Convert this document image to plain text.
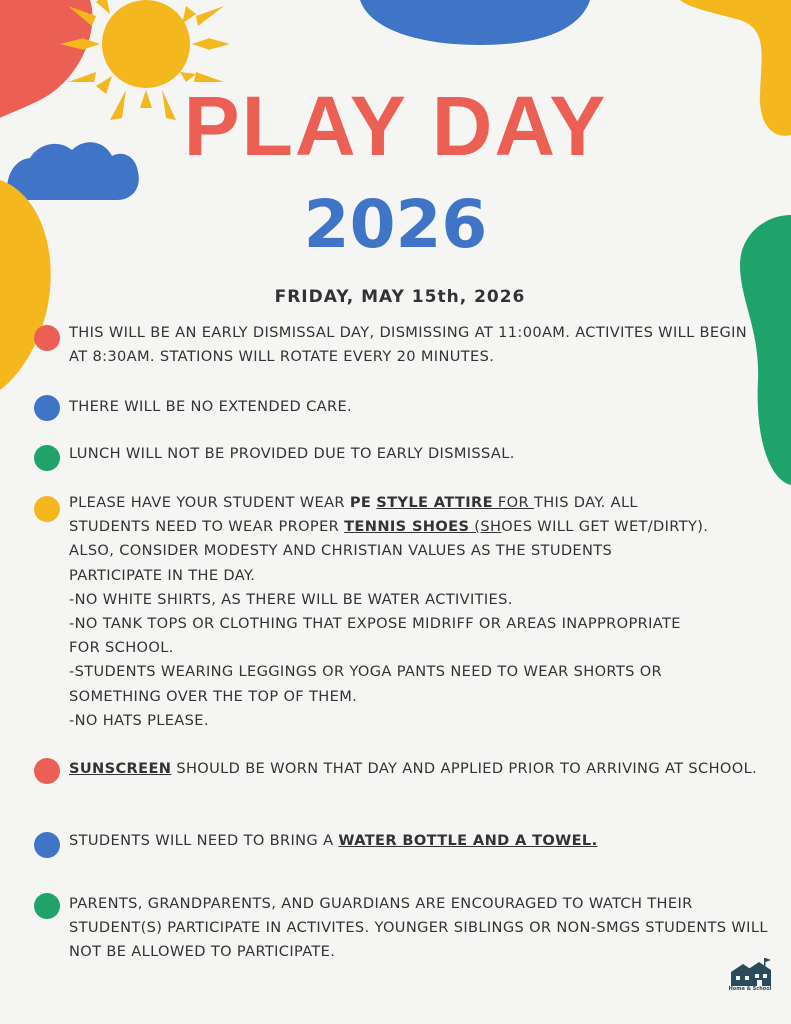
PLAY DAY
2026
FRIDAY, MAY 15th, 2026
THIS WILL BE AN EARLY DISMISSAL DAY, DISMISSING AT 11:00AM. ACTIVITES WILL BEGIN AT 8:30AM. STATIONS WILL ROTATE EVERY 20 MINUTES.
THERE WILL BE NO EXTENDED CARE.
LUNCH WILL NOT BE PROVIDED DUE TO EARLY DISMISSAL.
PLEASE HAVE YOUR STUDENT WEAR PE STYLE ATTIRE FOR THIS DAY. ALL STUDENTS NEED TO WEAR PROPER TENNIS SHOES (SHOES WILL GET WET/DIRTY). ALSO, CONSIDER MODESTY AND CHRISTIAN VALUES AS THE STUDENTS PARTICIPATE IN THE DAY.
-NO WHITE SHIRTS, AS THERE WILL BE WATER ACTIVITIES.
-NO TANK TOPS OR CLOTHING THAT EXPOSE MIDRIFF OR AREAS INAPPROPRIATE FOR SCHOOL.
-STUDENTS WEARING LEGGINGS OR YOGA PANTS NEED TO WEAR SHORTS OR SOMETHING OVER THE TOP OF THEM.
-NO HATS PLEASE.
SUNSCREEN SHOULD BE WORN THAT DAY AND APPLIED PRIOR TO ARRIVING AT SCHOOL.
STUDENTS WILL NEED TO BRING A WATER BOTTLE AND A TOWEL.
PARENTS, GRANDPARENTS, AND GUARDIANS ARE ENCOURAGED TO WATCH THEIR STUDENT(S) PARTICIPATE IN ACTIVITES. YOUNGER SIBLINGS OR NON-SMGS STUDENTS WILL NOT BE ALLOWED TO PARTICIPATE.
Home & School
